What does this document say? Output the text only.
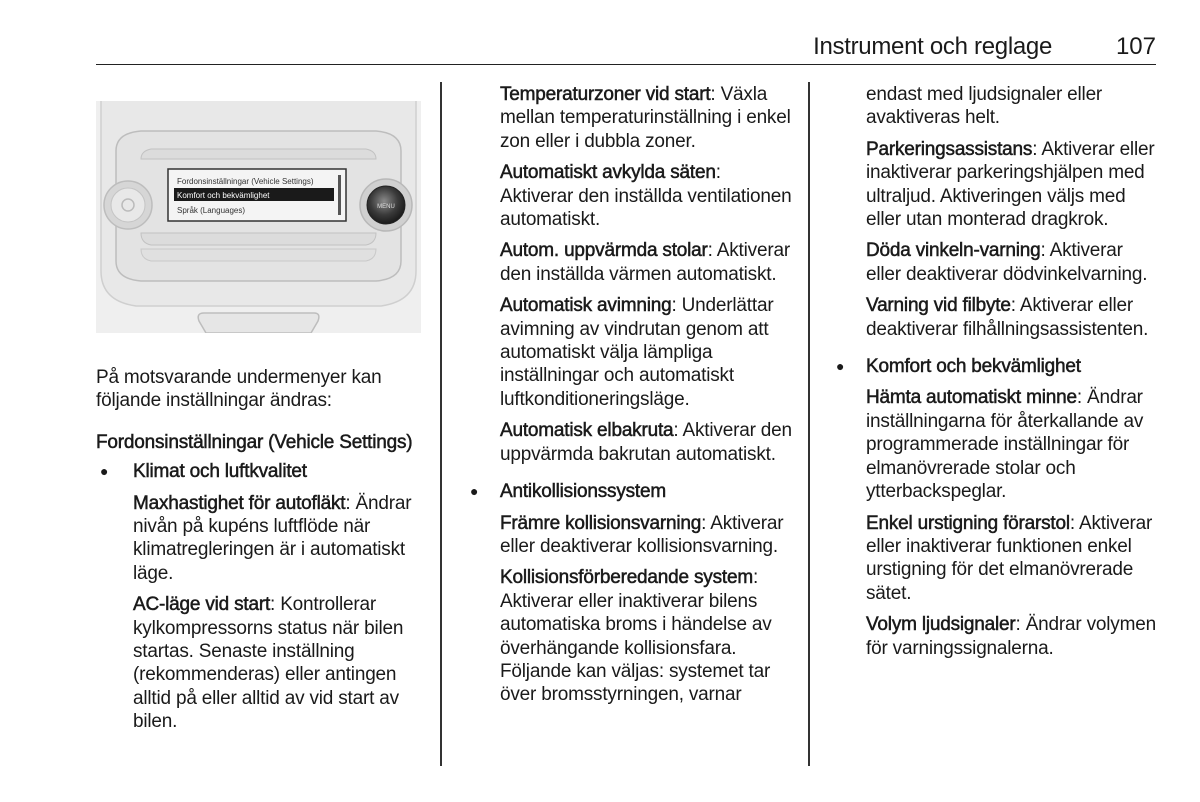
Instrument och reglage	107
MENU
Fordonsinställningar (Vehicle Settings)
Komfort och bekvämlighet
Språk (Languages)

På motsvarande undermenyer kan följande inställningar ändras:

Fordonsinställningar (Vehicle Settings)

● Klimat och luftkvalitet

Maxhastighet för autofläkt: Ändrar nivån på kupéns luftflöde när klimatregleringen är i automatiskt läge.

AC-läge vid start: Kontrollerar kylkompressorns status när bilen startas. Senaste inställning (rekommenderas) eller antingen alltid på eller alltid av vid start av bilen.

Temperaturzoner vid start: Växla mellan temperaturinställning i enkel zon eller i dubbla zoner.

Automatiskt avkylda säten: Aktiverar den inställda ventilationen automatiskt.

Autom. uppvärmda stolar: Aktiverar den inställda värmen automatiskt.

Automatisk avimning: Underlättar avimning av vindrutan genom att automatiskt välja lämpliga inställningar och automatiskt luftkonditioneringsläge.

Automatisk elbakruta: Aktiverar den uppvärmda bakrutan automatiskt.

● Antikollisionssystem

Främre kollisionsvarning: Aktiverar eller deaktiverar kollisionsvarning.

Kollisionsförberedande system: Aktiverar eller inaktiverar bilens automatiska broms i händelse av överhängande kollisionsfara. Följande kan väljas: systemet tar över bromsstyrningen, varnar

endast med ljudsignaler eller avaktiveras helt.

Parkeringsassistans: Aktiverar eller inaktiverar parkeringshjälpen med ultraljud. Aktiveringen väljs med eller utan monterad dragkrok.

Döda vinkeln-varning: Aktiverar eller deaktiverar dödvinkelvarning.

Varning vid filbyte: Aktiverar eller deaktiverar filhållningsassistenten.

● Komfort och bekvämlighet

Hämta automatiskt minne: Ändrar inställningarna för återkallande av programmerade inställningar för elmanövrerade stolar och ytterbackspeglar.

Enkel urstigning förarstol: Aktiverar eller inaktiverar funktionen enkel urstigning för det elmanövrerade sätet.

Volym ljudsignaler: Ändrar volymen för varningssignalerna.
